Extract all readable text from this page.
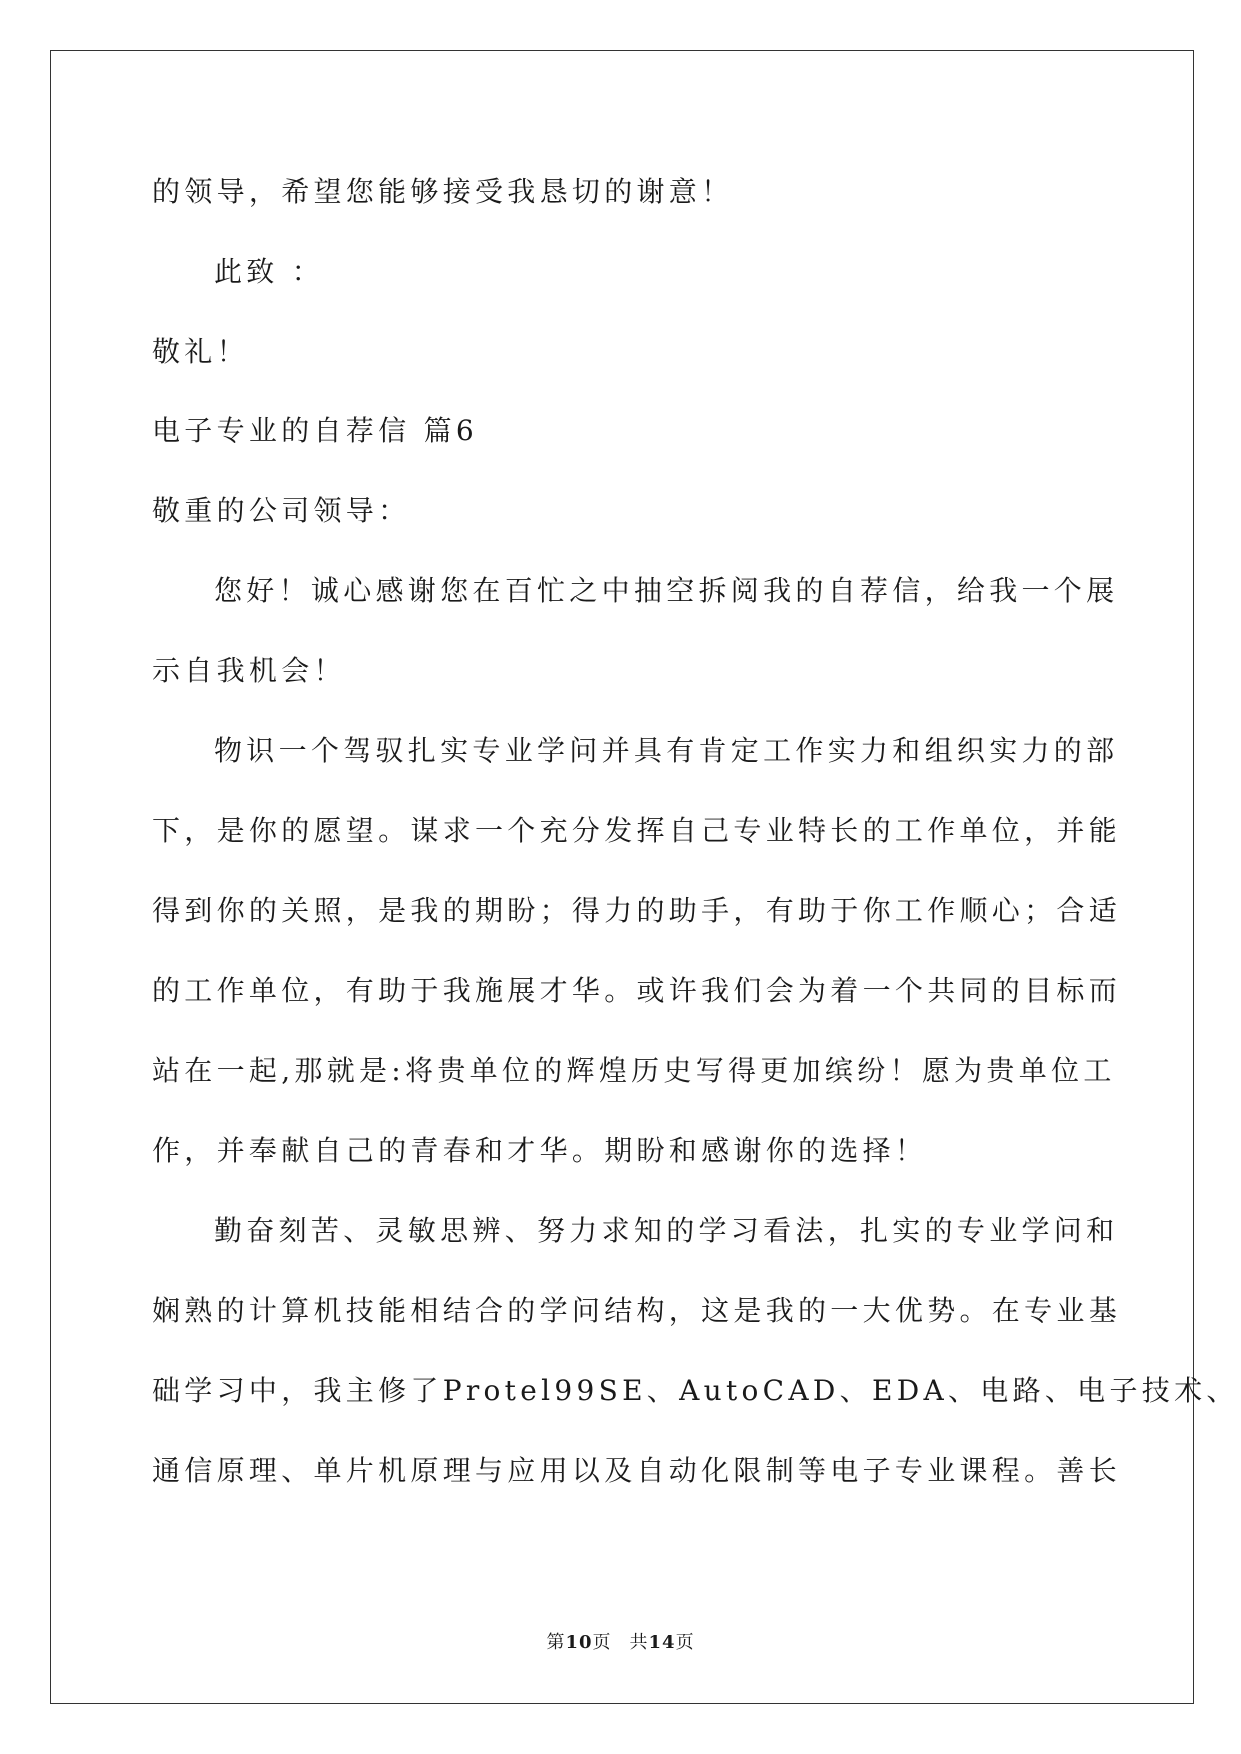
的领导，希望您能够接受我恳切的谢意！

此致 ：

敬礼！

电子专业的自荐信 篇6

敬重的公司领导：

您好！诚心感谢您在百忙之中抽空拆阅我的自荐信，给我一个展

示自我机会！

物识一个驾驭扎实专业学问并具有肯定工作实力和组织实力的部

下，是你的愿望。谋求一个充分发挥自己专业特长的工作单位，并能

得到你的关照，是我的期盼；得力的助手，有助于你工作顺心；合适

的工作单位，有助于我施展才华。或许我们会为着一个共同的目标而

站在一起,那就是:将贵单位的辉煌历史写得更加缤纷！愿为贵单位工

作，并奉献自己的青春和才华。期盼和感谢你的选择！

勤奋刻苦、灵敏思辨、努力求知的学习看法，扎实的专业学问和

娴熟的计算机技能相结合的学问结构，这是我的一大优势。在专业基

础学习中，我主修了Protel99SE、AutoCAD、EDA、电路、电子技术、

通信原理、单片机原理与应用以及自动化限制等电子专业课程。善长

第10页 共14页
